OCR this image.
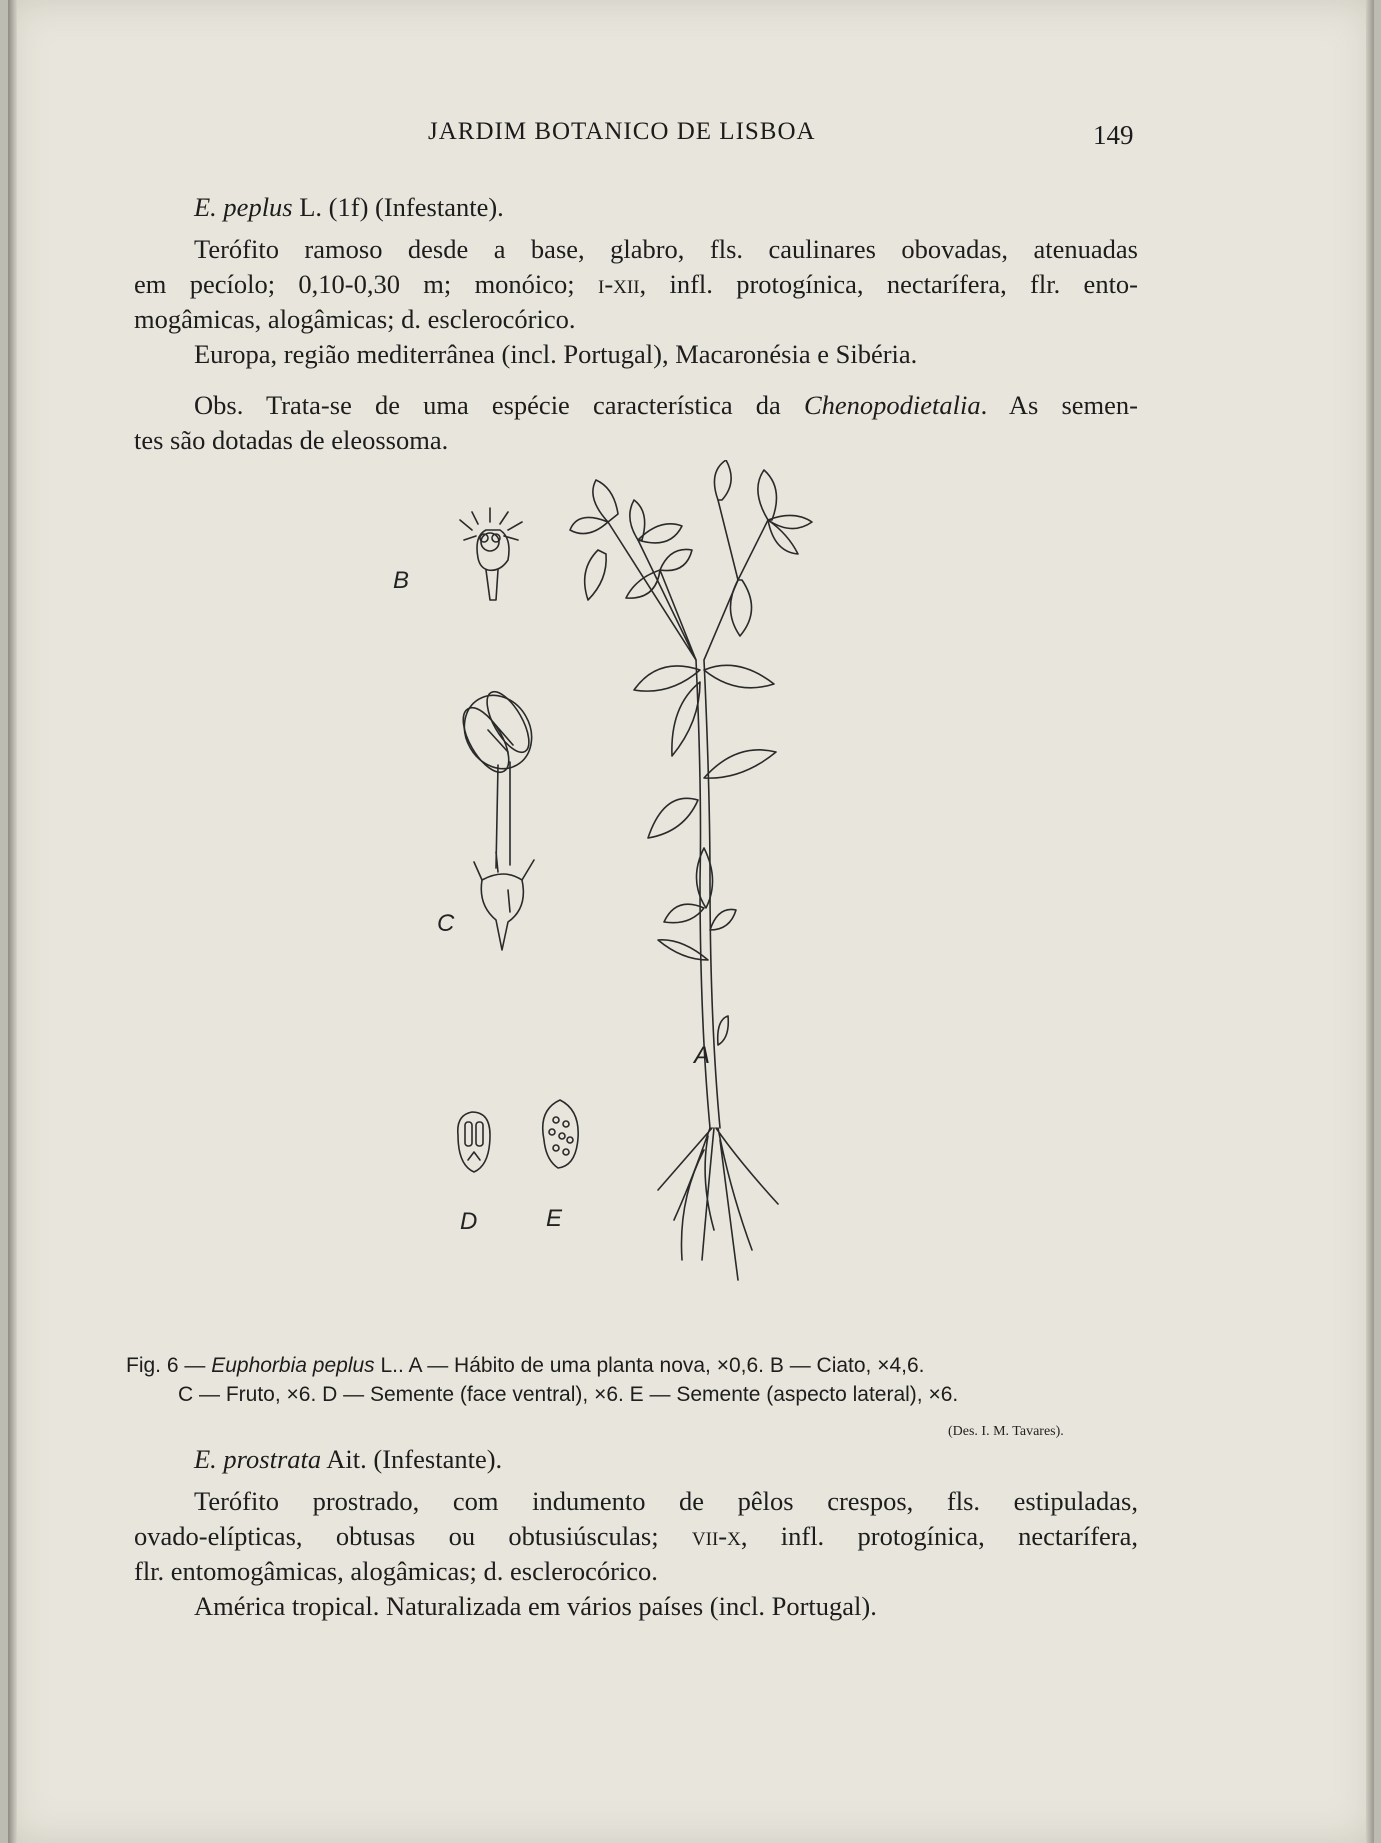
JARDIM BOTANICO DE LISBOA	149
E. peplus L. (1f) (Infestante).
Terófito ramoso desde a base, glabro, fls. caulinares obovadas, atenuadas
em pecíolo; 0,10-0,30 m; monóico; i-xii, infl. protogínica, nectarífera, flr. ento-
mogâmicas, alogâmicas; d. esclerocórico.
Europa, região mediterrânea (incl. Portugal), Macaronésia e Sibéria.
Obs. Trata-se de uma espécie característica da Chenopodietalia. As semen-
tes são dotadas de eleossoma.
B
C
A
D	E
Fig. 6 — Euphorbia peplus L.. A — Hábito de uma planta nova, ×0,6. B — Ciato, ×4,6.
C — Fruto, ×6. D — Semente (face ventral), ×6. E — Semente (aspecto lateral), ×6.
(Des. I. M. Tavares).
E. prostrata Ait. (Infestante).
Terófito prostrado, com indumento de pêlos crespos, fls. estipuladas,
ovado-elípticas, obtusas ou obtusiúsculas; vii-x, infl. protogínica, nectarífera,
flr. entomogâmicas, alogâmicas; d. esclerocórico.
América tropical. Naturalizada em vários países (incl. Portugal).
